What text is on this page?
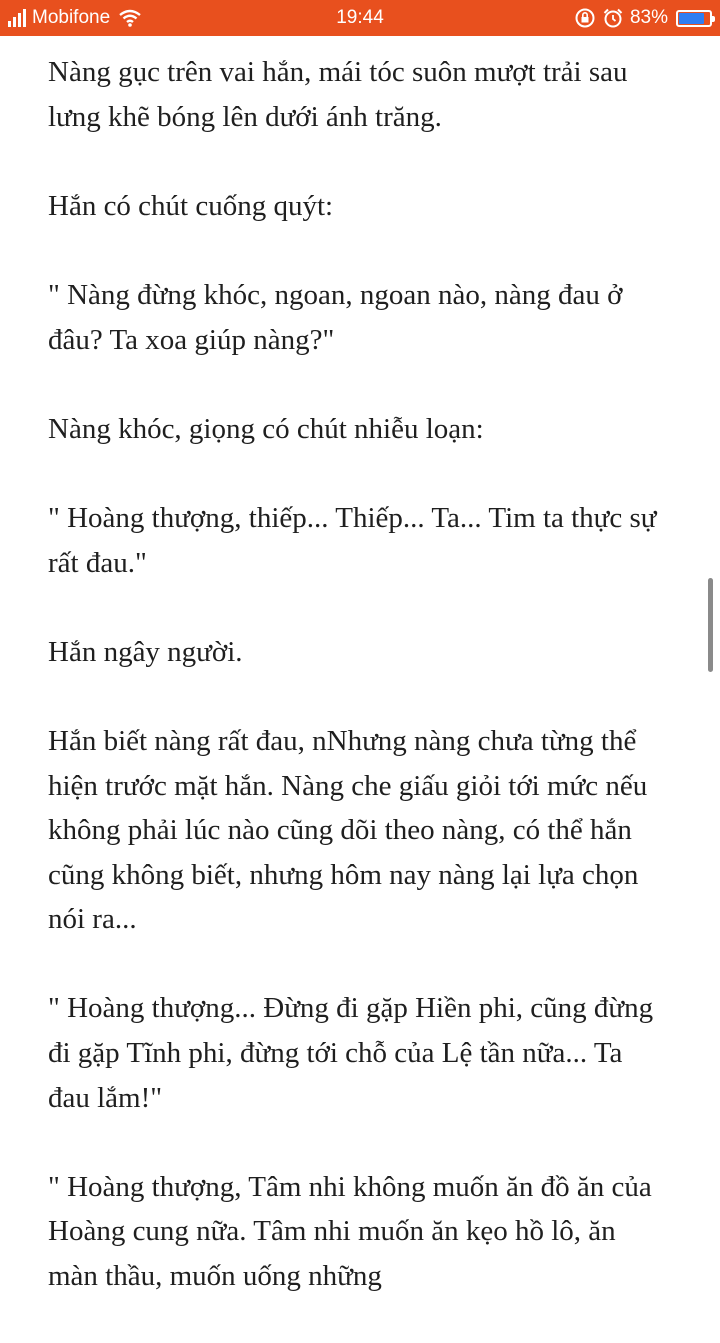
Mobifone	19:44	83%

Nàng gục trên vai hắn, mái tóc suôn mượt trải sau lưng khẽ bóng lên dưới ánh trăng.

Hắn có chút cuống quýt:

" Nàng đừng khóc, ngoan, ngoan nào, nàng đau ở đâu? Ta xoa giúp nàng?"

Nàng khóc, giọng có chút nhiễu loạn:

" Hoàng thượng, thiếp... Thiếp... Ta... Tim ta thực sự rất đau."

Hắn ngây người.

Hắn biết nàng rất đau, nNhưng nàng chưa từng thể hiện trước mặt hắn. Nàng che giấu giỏi tới mức nếu không phải lúc nào cũng dõi theo nàng, có thể hắn cũng không biết, nhưng hôm nay nàng lại lựa chọn nói ra...

" Hoàng thượng... Đừng đi gặp Hiền phi, cũng đừng đi gặp Tĩnh phi, đừng tới chỗ của Lệ tần nữa... Ta đau lắm!"

" Hoàng thượng, Tâm nhi không muốn ăn đồ ăn của Hoàng cung nữa. Tâm nhi muốn ăn kẹo hồ lô, ăn màn thầu, muốn uống những
